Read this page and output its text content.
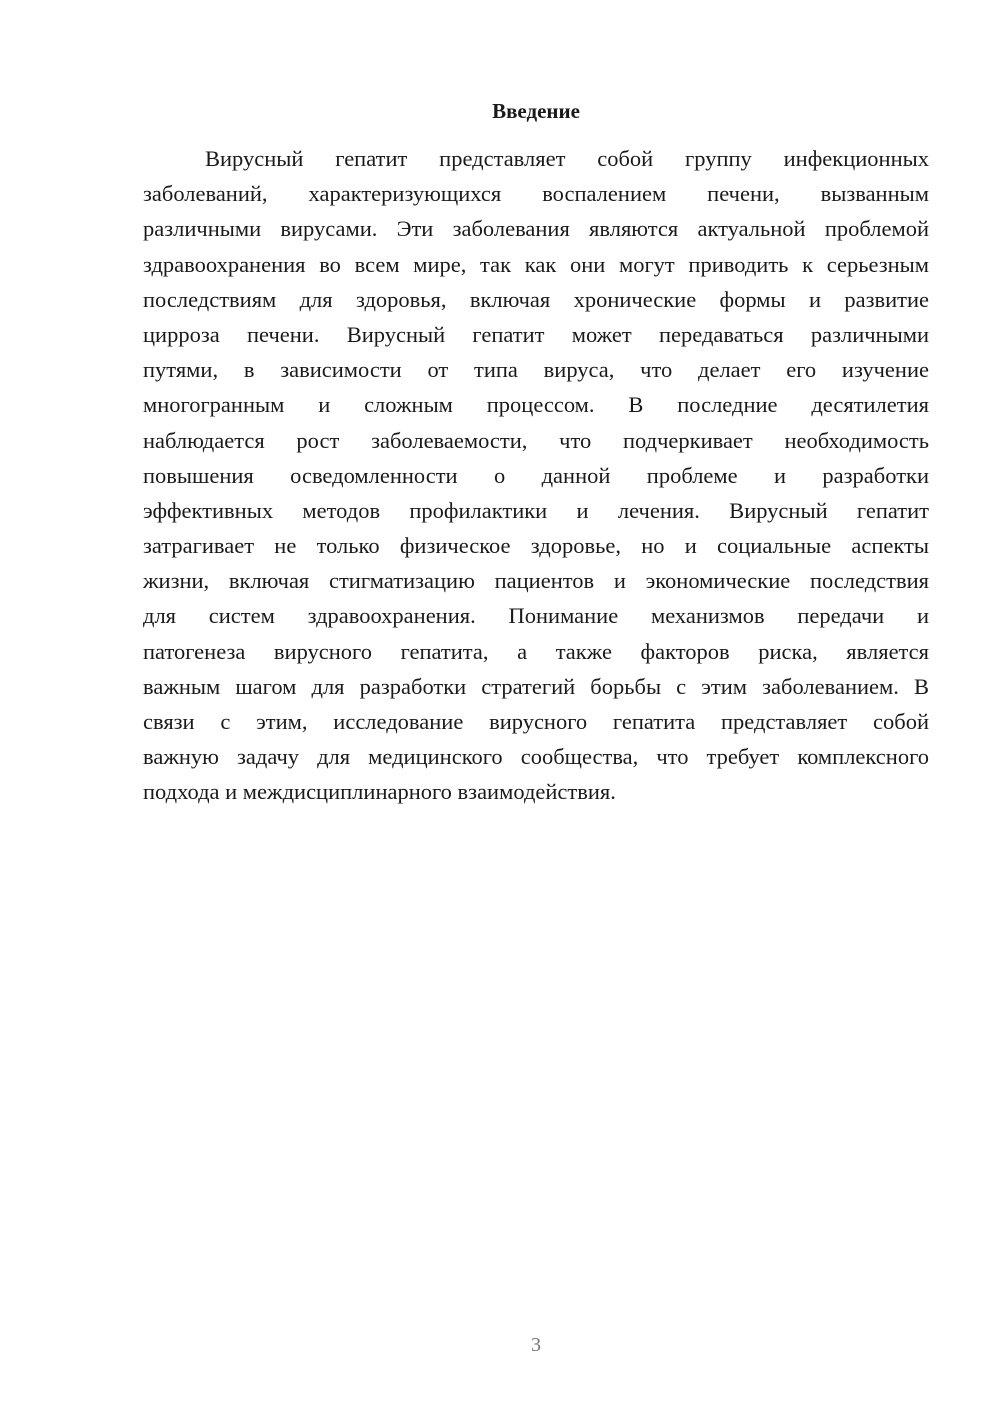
Введение
Вирусный гепатит представляет собой группу инфекционных
заболеваний, характеризующихся воспалением печени, вызванным
различными вирусами. Эти заболевания являются актуальной проблемой
здравоохранения во всем мире, так как они могут приводить к серьезным
последствиям для здоровья, включая хронические формы и развитие
цирроза печени. Вирусный гепатит может передаваться различными
путями, в зависимости от типа вируса, что делает его изучение
многогранным и сложным процессом. В последние десятилетия
наблюдается рост заболеваемости, что подчеркивает необходимость
повышения осведомленности о данной проблеме и разработки
эффективных методов профилактики и лечения. Вирусный гепатит
затрагивает не только физическое здоровье, но и социальные аспекты
жизни, включая стигматизацию пациентов и экономические последствия
для систем здравоохранения. Понимание механизмов передачи и
патогенеза вирусного гепатита, а также факторов риска, является
важным шагом для разработки стратегий борьбы с этим заболеванием. В
связи с этим, исследование вирусного гепатита представляет собой
важную задачу для медицинского сообщества, что требует комплексного
подхода и междисциплинарного взаимодействия.

3
